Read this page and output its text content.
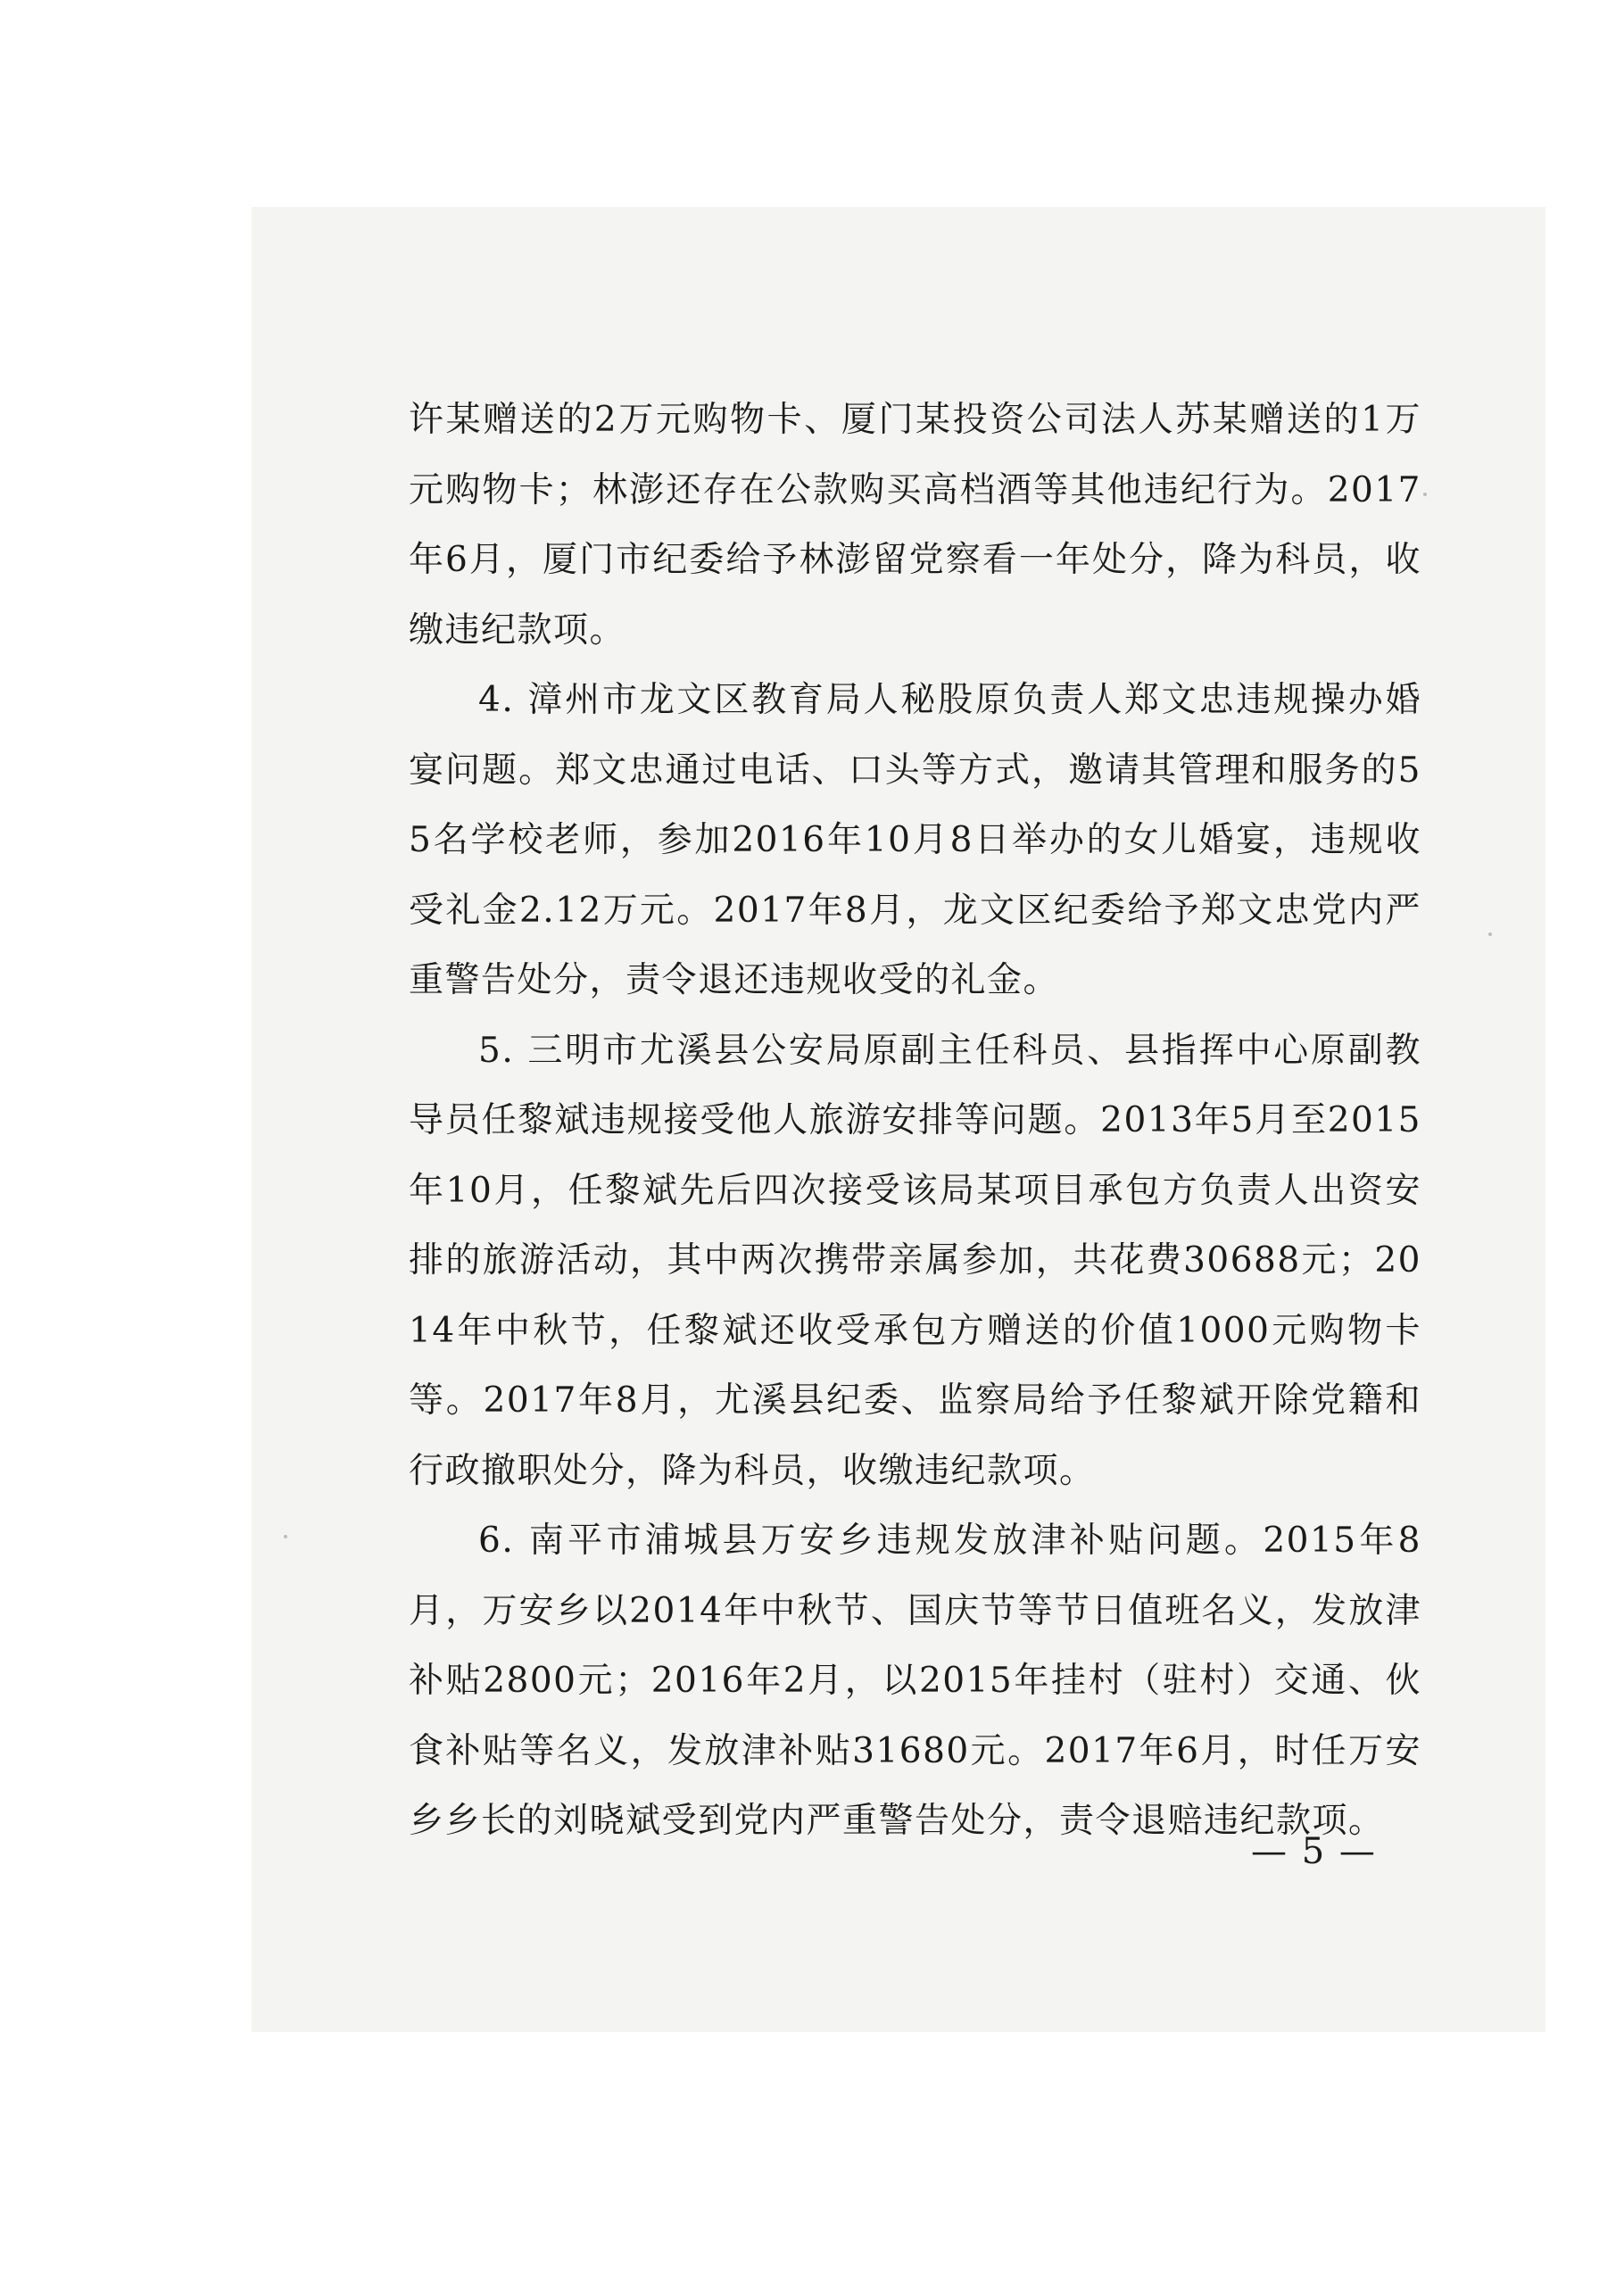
许某赠送的2万元购物卡、厦门某投资公司法人苏某赠送的1万元购物卡；林澎还存在公款购买高档酒等其他违纪行为。2017年6月，厦门市纪委给予林澎留党察看一年处分，降为科员，收缴违纪款项。

4. 漳州市龙文区教育局人秘股原负责人郑文忠违规操办婚宴问题。郑文忠通过电话、口头等方式，邀请其管理和服务的55名学校老师，参加2016年10月8日举办的女儿婚宴，违规收受礼金2.12万元。2017年8月，龙文区纪委给予郑文忠党内严重警告处分，责令退还违规收受的礼金。

5. 三明市尤溪县公安局原副主任科员、县指挥中心原副教导员任黎斌违规接受他人旅游安排等问题。2013年5月至2015年10月，任黎斌先后四次接受该局某项目承包方负责人出资安排的旅游活动，其中两次携带亲属参加，共花费30688元；2014年中秋节，任黎斌还收受承包方赠送的价值1000元购物卡等。2017年8月，尤溪县纪委、监察局给予任黎斌开除党籍和行政撤职处分，降为科员，收缴违纪款项。

6. 南平市浦城县万安乡违规发放津补贴问题。2015年8月，万安乡以2014年中秋节、国庆节等节日值班名义，发放津补贴2800元；2016年2月，以2015年挂村（驻村）交通、伙食补贴等名义，发放津补贴31680元。2017年6月，时任万安乡乡长的刘晓斌受到党内严重警告处分，责令退赔违纪款项。

— 5 —
